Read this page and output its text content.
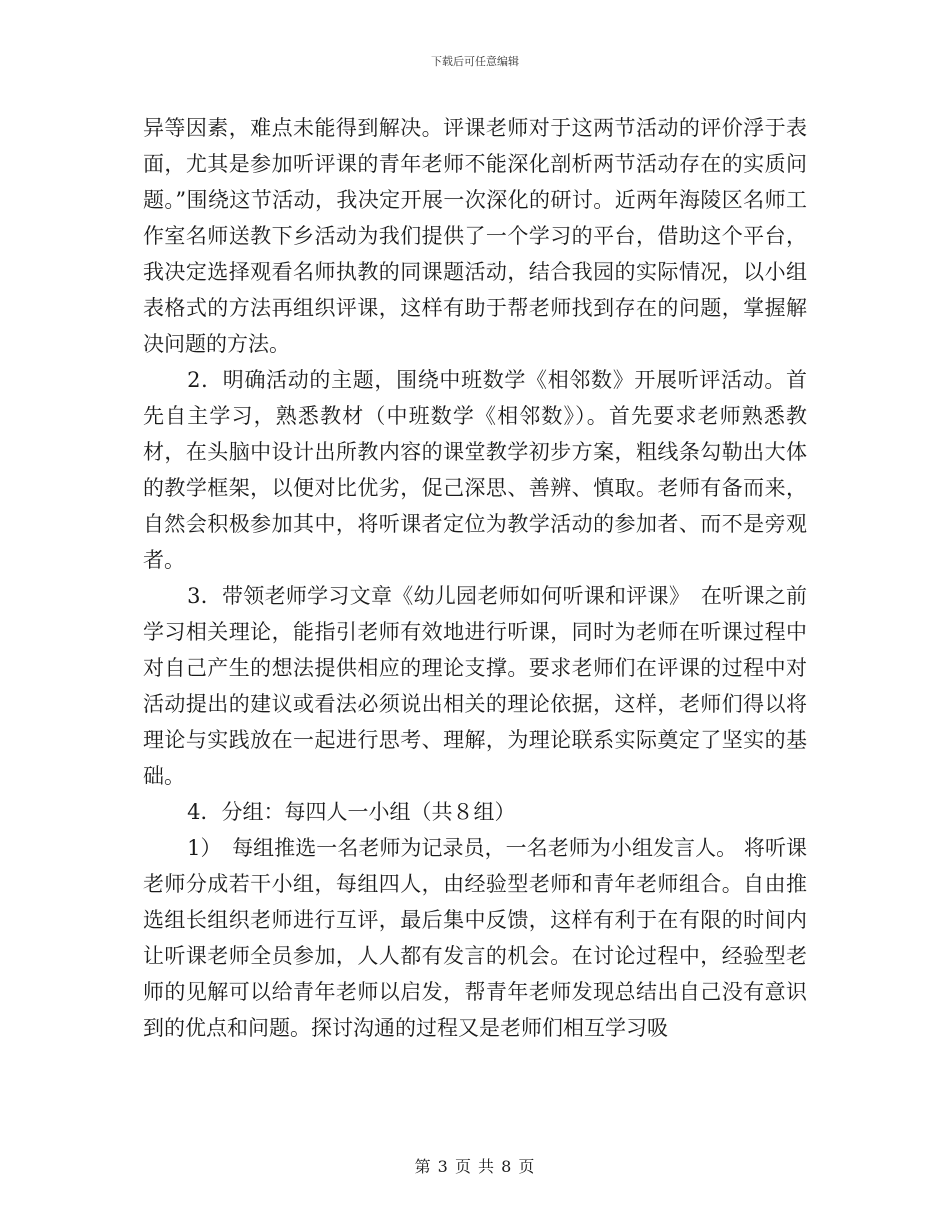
下载后可任意编辑

异等因素，难点未能得到解决。评课老师对于这两节活动的评价浮于表面，尤其是参加听评课的青年老师不能深化剖析两节活动存在的实质问题。”围绕这节活动，我决定开展一次深化的研讨。近两年海陵区名师工作室名师送教下乡活动为我们提供了一个学习的平台，借助这个平台，我决定选择观看名师执教的同课题活动，结合我园的实际情况，以小组表格式的方法再组织评课，这样有助于帮老师找到存在的问题，掌握解决问题的方法。

2．明确活动的主题，围绕中班数学《相邻数》开展听评活动。首先自主学习，熟悉教材（中班数学《相邻数》）。首先要求老师熟悉教材，在头脑中设计出所教内容的课堂教学初步方案，粗线条勾勒出大体的教学框架，以便对比优劣，促己深思、善辨、慎取。老师有备而来，自然会积极参加其中，将听课者定位为教学活动的参加者、而不是旁观者。

3．带领老师学习文章《幼儿园老师如何听课和评课》　在听课之前学习相关理论，能指引老师有效地进行听课，同时为老师在听课过程中对自己产生的想法提供相应的理论支撑。要求老师们在评课的过程中对活动提出的建议或看法必须说出相关的理论依据，这样，老师们得以将理论与实践放在一起进行思考、理解，为理论联系实际奠定了坚实的基础。

4．分组：每四人一小组（共８组）

1）　每组推选一名老师为记录员，一名老师为小组发言人。 将听课老师分成若干小组，每组四人，由经验型老师和青年老师组合。自由推选组长组织老师进行互评，最后集中反馈，这样有利于在有限的时间内让听课老师全员参加，人人都有发言的机会。在讨论过程中，经验型老师的见解可以给青年老师以启发，帮青年老师发现总结出自己没有意识到的优点和问题。探讨沟通的过程又是老师们相互学习吸

第 3 页 共 8 页
